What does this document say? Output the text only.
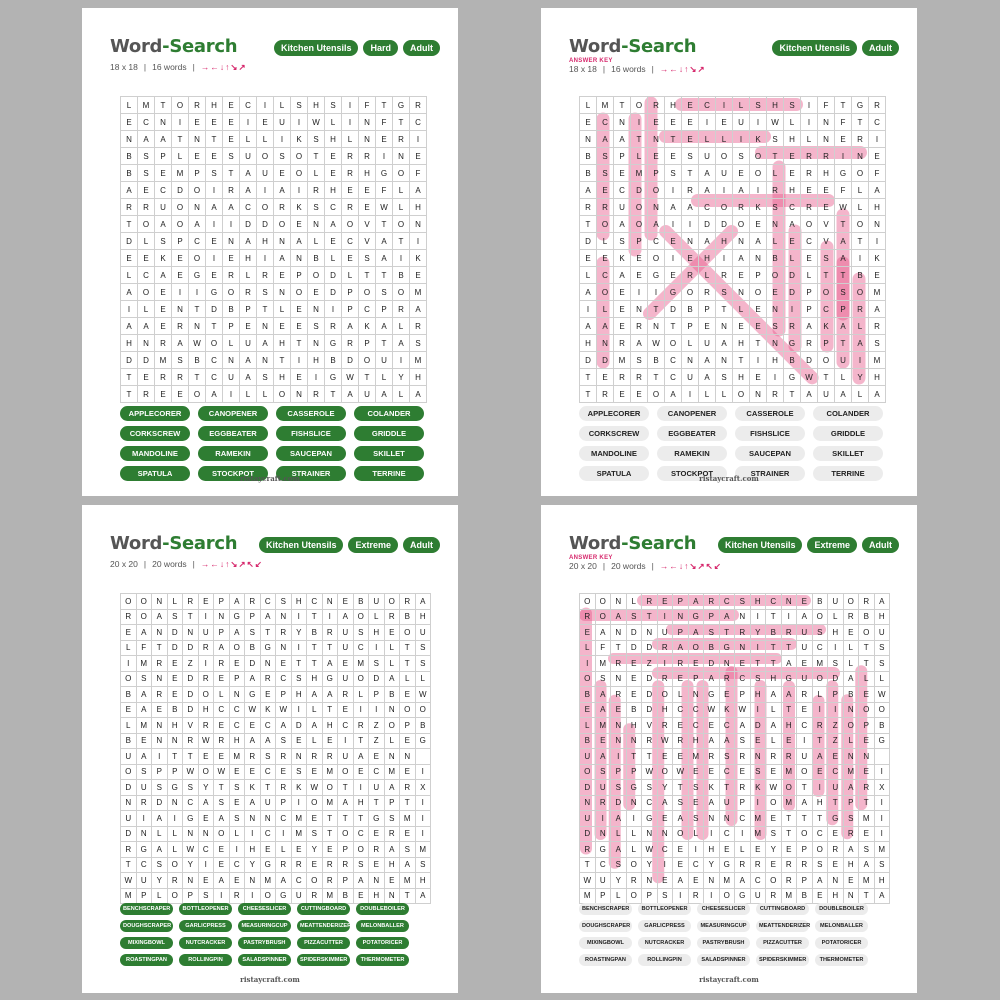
Word-Search	Kitchen Utensils	Hard	Adult
18 x 18 | 16 words | →←↓↑↘↗
L	M	T	O	R	H	E	C	I	L	S	H	S	I	F	T	G	R
E	C	N	I	E	E	E	I	E	U	I	W	L	I	N	F	T	C
N	A	A	T	N	T	E	L	L	I	K	S	H	L	N	E	R	I
B	S	P	L	E	E	S	U	O	S	O	T	E	R	R	I	N	E
B	S	E	M	P	S	T	A	U	E	O	L	E	R	H	G	O	F
A	E	C	D	O	I	R	A	I	A	I	R	H	E	E	F	L	A
R	R	U	O	N	A	A	C	O	R	K	S	C	R	E	W	L	H
T	O	A	O	A	I	I	D	D	O	E	N	A	O	V	T	O	N
D	L	S	P	C	E	N	A	H	N	A	L	E	C	V	A	T	I
E	E	K	E	O	I	E	H	I	A	N	B	L	E	S	A	I	K
L	C	A	E	G	E	R	L	R	E	P	O	D	L	T	T	B	E
A	O	E	I	I	G	O	R	S	N	O	E	D	P	O	S	O	M
I	L	E	N	T	D	B	P	T	L	E	N	I	P	C	P	R	A
A	A	E	R	N	T	P	E	N	E	E	S	R	A	K	A	L	R
H	N	R	A	W	O	L	U	A	H	T	N	G	R	P	T	A	S
D	D	M	S	B	C	N	A	N	T	I	H	B	D	O	U	I	M
T	E	R	R	T	C	U	A	S	H	E	I	G	W	T	L	Y	H
T	R	E	E	O	A	I	L	L	O	N	R	T	A	U	A	L	A
APPLECORER	CANOPENER	CASSEROLE	COLANDER
CORKSCREW	EGGBEATER	FISHSLICE	GRIDDLE
MANDOLINE	RAMEKIN	SAUCEPAN	SKILLET
SPATULA	STOCKPOT	STRAINER	TERRINE
ristaycraft.com
Word-Search	Kitchen Utensils	Adult
ANSWER KEY
18 x 18 | 16 words | →←↓↑↘↗
L	M	T	O	R	H	E	C	I	L	S	H	S	I	F	T	G	R
E	C	N	I	E	E	E	I	E	U	I	W	L	I	N	F	T	C
N	A	A	T	N	T	E	L	L	I	K	S	H	L	N	E	R	I
B	S	P	L	E	E	S	U	O	S	O	T	E	R	R	I	N	E
B	S	E	M	P	S	T	A	U	E	O	L	E	R	H	G	O	F
A	E	C	D	O	I	R	A	I	A	I	R	H	E	E	F	L	A
R	R	U	O	N	A	A	C	O	R	K	S	C	R	E	W	L	H
T	O	A	O	A	I	I	D	D	O	E	N	A	O	V	T	O	N
D	L	S	P	C	E	N	A	H	N	A	L	E	C	V	A	T	I
E	E	K	E	O	I	E	H	I	A	N	B	L	E	S	A	I	K
L	C	A	E	G	E	R	L	R	E	P	O	D	L	T	T	B	E
A	O	E	I	I	G	O	R	S	N	O	E	D	P	O	S	O	M
I	L	E	N	T	D	B	P	T	L	E	N	I	P	C	P	R	A
A	A	E	R	N	T	P	E	N	E	E	S	R	A	K	A	L	R
H	N	R	A	W	O	L	U	A	H	T	N	G	R	P	T	A	S
D	D	M	S	B	C	N	A	N	T	I	H	B	D	O	U	I	M
T	E	R	R	T	C	U	A	S	H	E	I	G	W	T	L	Y	H
T	R	E	E	O	A	I	L	L	O	N	R	T	A	U	A	L	A
APPLECORER	CANOPENER	CASSEROLE	COLANDER
CORKSCREW	EGGBEATER	FISHSLICE	GRIDDLE
MANDOLINE	RAMEKIN	SAUCEPAN	SKILLET
SPATULA	STOCKPOT	STRAINER	TERRINE
ristaycraft.com
Word-Search	Kitchen Utensils	Extreme	Adult
20 x 20 | 20 words | →←↓↑↘↗↖↙
O	O	N	L	R	E	P	A	R	C	S	H	C	N	E	B	U	O	R	A
R	O	A	S	T	I	N	G	P	A	N	I	T	I	A	O	L	R	B	H
E	A	N	D	N	U	P	A	S	T	R	Y	B	R	U	S	H	E	O	U
L	F	T	D	D	R	A	O	B	G	N	I	T	T	U	C	I	L	T	S
I	M	R	E	Z	I	R	E	D	N	E	T	T	A	E	M	S	L	T	S
O	S	N	E	D	R	E	P	A	R	C	S	H	G	U	O	D	A	L	L
B	A	R	E	D	O	L	N	G	E	P	H	A	A	R	L	P	B	E	W
E	A	E	B	D	H	C	C	W	K	W	I	L	T	E	I	I	N	O	O
L	M	N	H	V	R	E	C	E	C	A	D	A	H	C	R	Z	O	P	B
B	E	N	N	R	W	R	H	A	A	S	E	L	E	I	T	Z	L	E	G
U	A	I	T	T	E	E	M	R	S	R	N	R	R	U	A	E	N	N	
O	S	P	P	W	O	W	E	E	C	E	S	E	M	O	E	C	M	E	I
D	U	S	G	S	Y	T	S	K	T	R	K	W	O	T	I	U	A	R	X
N	R	D	N	C	A	S	E	A	U	P	I	O	M	A	H	T	P	T	I
U	I	A	I	G	E	A	S	N	N	C	M	E	T	T	T	G	S	M	I
D	N	L	L	N	N	O	L	I	C	I	M	S	T	O	C	E	R	E	I
R	G	A	L	W	C	E	I	H	E	L	E	Y	E	P	O	R	A	S	M
T	C	S	O	Y	I	E	C	Y	G	R	R	E	R	R	S	E	H	A	S
W	U	Y	R	N	E	A	E	N	M	A	C	O	R	P	A	N	E	M	H
M	P	L	O	P	S	I	R	I	O	G	U	R	M	B	E	H	N	T	A
BENCHSCRAPER	BOTTLEOPENER	CHEESESLICER	CUTTINGBOARD	DOUBLEBOILER
DOUGHSCRAPER	GARLICPRESS	MEASURINGCUP	MEATTENDERIZER	MELONBALLER
MIXINGBOWL	NUTCRACKER	PASTRYBRUSH	PIZZACUTTER	POTATORICER
ROASTINGPAN	ROLLINGPIN	SALADSPINNER	SPIDERSKIMMER	THERMOMETER
ristaycraft.com
Word-Search	Kitchen Utensils	Extreme	Adult
ANSWER KEY
20 x 20 | 20 words | →←↓↑↘↗↖↙
O	O	N	L	R	E	P	A	R	C	S	H	C	N	E	B	U	O	R	A
R	O	A	S	T	I	N	G	P	A	N	I	T	I	A	O	L	R	B	H
E	A	N	D	N	U	P	A	S	T	R	Y	B	R	U	S	H	E	O	U
L	F	T	D	D	R	A	O	B	G	N	I	T	T	U	C	I	L	T	S
I	M	R	E	Z	I	R	E	D	N	E	T	T	A	E	M	S	L	T	S
O	S	N	E	D	R	E	P	A	R	C	S	H	G	U	O	D	A	L	L
B	A	R	E	D	O	L	N	G	E	P	H	A	A	R	L	P	B	E	W
E	A	E	B	D	H	C	C	W	K	W	I	L	T	E	I	I	N	O	O
L	M	N	H	V	R	E	C	E	C	A	D	A	H	C	R	Z	O	P	B
B	E	N	N	R	W	R	H	A	A	S	E	L	E	I	T	Z	L	E	G
U	A	I	T	T	E	E	M	R	S	R	N	R	R	U	A	E	N	N	
O	S	P	P	W	O	W	E	E	C	E	S	E	M	O	E	C	M	E	I
D	U	S	G	S	Y	T	S	K	T	R	K	W	O	T	I	U	A	R	X
N	R	D	N	C	A	S	E	A	U	P	I	O	M	A	H	T	P	T	I
U	I	A	I	G	E	A	S	N	N	C	M	E	T	T	T	G	S	M	I
D	N	L	L	N	N	O	L	I	C	I	M	S	T	O	C	E	R	E	I
R	G	A	L	W	C	E	I	H	E	L	E	Y	E	P	O	R	A	S	M
T	C	S	O	Y	I	E	C	Y	G	R	R	E	R	R	S	E	H	A	S
W	U	Y	R	N	E	A	E	N	M	A	C	O	R	P	A	N	E	M	H
M	P	L	O	P	S	I	R	I	O	G	U	R	M	B	E	H	N	T	A
BENCHSCRAPER	BOTTLEOPENER	CHEESESLICER	CUTTINGBOARD	DOUBLEBOILER
DOUGHSCRAPER	GARLICPRESS	MEASURINGCUP	MEATTENDERIZER	MELONBALLER
MIXINGBOWL	NUTCRACKER	PASTRYBRUSH	PIZZACUTTER	POTATORICER
ROASTINGPAN	ROLLINGPIN	SALADSPINNER	SPIDERSKIMMER	THERMOMETER
ristaycraft.com
